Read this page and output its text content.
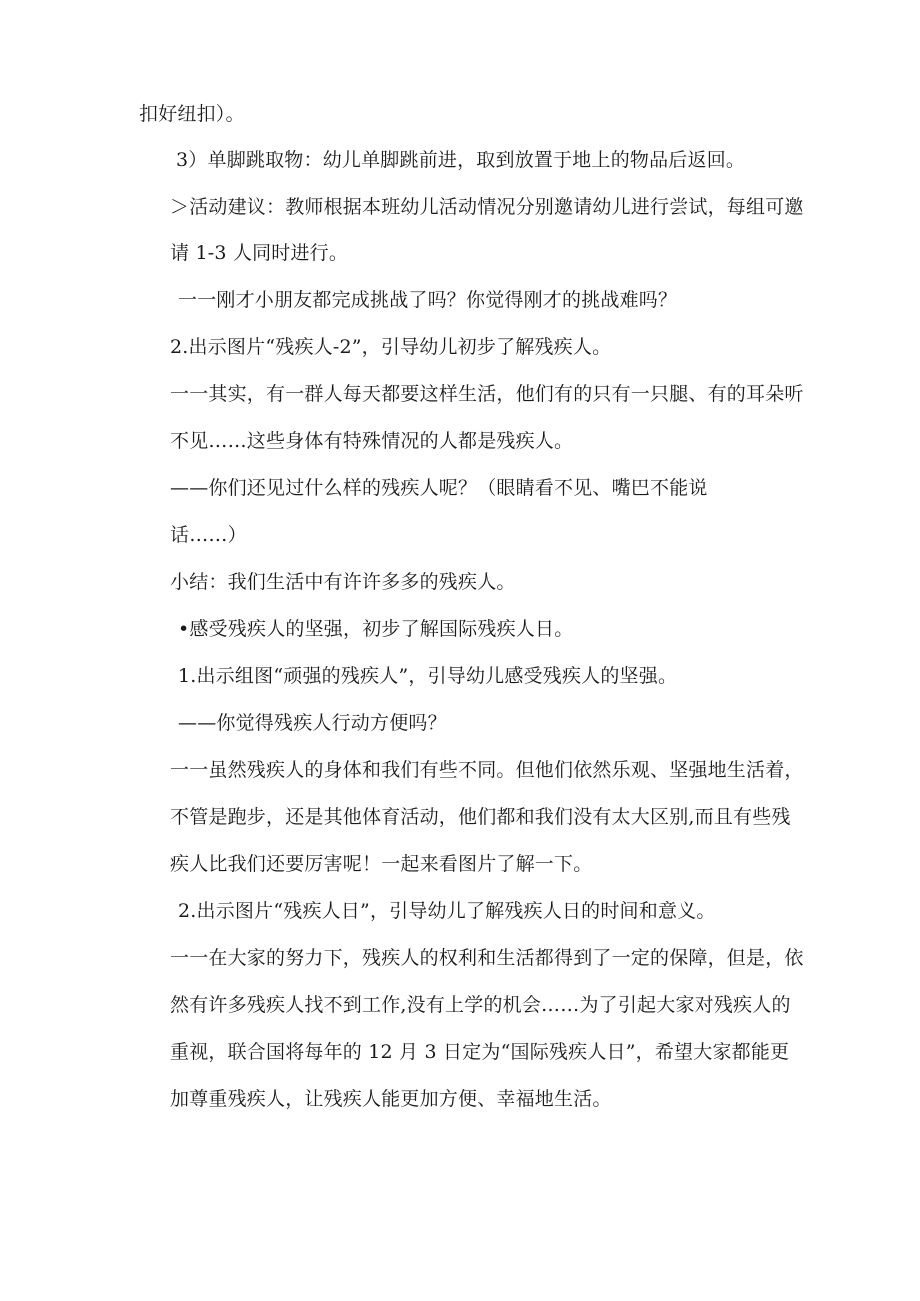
扣好纽扣）。
3）单脚跳取物：幼儿单脚跳前进，取到放置于地上的物品后返回。
＞活动建议：教师根据本班幼儿活动情况分别邀请幼儿进行尝试，每组可邀
请 1-3 人同时进行。
一一刚才小朋友都完成挑战了吗？你觉得刚才的挑战难吗？
2.出示图片“残疾人-2”，引导幼儿初步了解残疾人。
一一其实，有一群人每天都要这样生活，他们有的只有一只腿、有的耳朵听
不见……这些身体有特殊情况的人都是残疾人。
——你们还见过什么样的残疾人呢？（眼睛看不见、嘴巴不能说
话……）
小结：我们生活中有许许多多的残疾人。
•感受残疾人的坚强，初步了解国际残疾人日。
1.出示组图“顽强的残疾人”，引导幼儿感受残疾人的坚强。
——你觉得残疾人行动方便吗？
一一虽然残疾人的身体和我们有些不同。但他们依然乐观、坚强地生活着，
不管是跑步，还是其他体育活动，他们都和我们没有太大区别,而且有些残
疾人比我们还要厉害呢！一起来看图片了解一下。
2.出示图片“残疾人日”，引导幼儿了解残疾人日的时间和意义。
一一在大家的努力下，残疾人的权利和生活都得到了一定的保障，但是，依
然有许多残疾人找不到工作,没有上学的机会……为了引起大家对残疾人的
重视，联合国将每年的 12 月 3 日定为“国际残疾人日”，希望大家都能更
加尊重残疾人，让残疾人能更加方便、幸福地生活。
